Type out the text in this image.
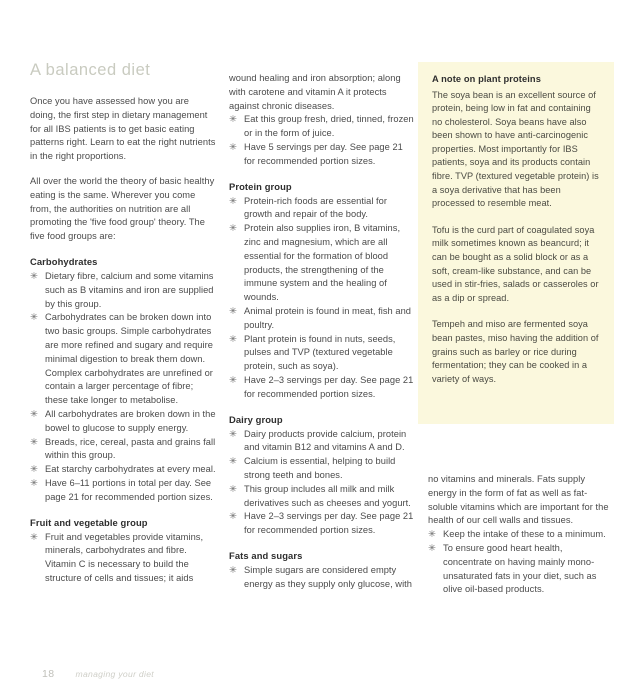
A balanced diet

Once you have assessed how you are doing, the first step in dietary management for all IBS patients is to get basic eating patterns right. Learn to eat the right nutrients in the right proportions.

All over the world the theory of basic healthy eating is the same. Wherever you come from, the authorities on nutrition are all promoting the 'five food group' theory. The five food groups are:

Carbohydrates
✳ Dietary fibre, calcium and some vitamins such as B vitamins and iron are supplied by this group.
✳ Carbohydrates can be broken down into two basic groups. Simple carbohydrates are more refined and sugary and require minimal digestion to break them down. Complex carbohydrates are unrefined or contain a larger percentage of fibre; these take longer to metabolise.
✳ All carbohydrates are broken down in the bowel to glucose to supply energy.
✳ Breads, rice, cereal, pasta and grains fall within this group.
✳ Eat starchy carbohydrates at every meal.
✳ Have 6–11 portions in total per day. See page 21 for recommended portion sizes.
Fruit and vegetable group
✳ Fruit and vegetables provide vitamins, minerals, carbohydrates and fibre. Vitamin C is necessary to build the structure of cells and tissues; it aids

wound healing and iron absorption; along with carotene and vitamin A it protects against chronic diseases.

✳ Eat this group fresh, dried, tinned, frozen or in the form of juice.
✳ Have 5 servings per day. See page 21 for recommended portion sizes.
Protein group
✳ Protein-rich foods are essential for growth and repair of the body.
✳ Protein also supplies iron, B vitamins, zinc and magnesium, which are all essential for the formation of blood products, the strengthening of the immune system and the healing of wounds.
✳ Animal protein is found in meat, fish and poultry.
✳ Plant protein is found in nuts, seeds, pulses and TVP (textured vegetable protein, such as soya).
✳ Have 2–3 servings per day. See page 21 for recommended portion sizes.
Dairy group
✳ Dairy products provide calcium, protein and vitamin B12 and vitamins A and D.
✳ Calcium is essential, helping to build strong teeth and bones.
✳ This group includes all milk and milk derivatives such as cheeses and yogurt.
✳ Have 2–3 servings per day. See page 21 for recommended portion sizes.
Fats and sugars
✳ Simple sugars are considered empty energy as they supply only glucose, with
A note on plant proteins

The soya bean is an excellent source of protein, being low in fat and containing no cholesterol. Soya beans have also been shown to have anti-carcinogenic properties. Most importantly for IBS patients, soya and its products contain fibre. TVP (textured vegetable protein) is a soya derivative that has been processed to resemble meat.

Tofu is the curd part of coagulated soya milk sometimes known as beancurd; it can be bought as a solid block or as a soft, cream-like substance, and can be used in stir-fries, salads or casseroles or as a dip or spread.

Tempeh and miso are fermented soya bean pastes, miso having the addition of grains such as barley or rice during fermentation; they can be cooked in a variety of ways.

no vitamins and minerals. Fats supply energy in the form of fat as well as fat-soluble vitamins which are important for the health of our cell walls and tissues.

✳ Keep the intake of these to a minimum.
✳ To ensure good heart health, concentrate on having mainly mono-unsaturated fats in your diet, such as olive oil-based products.
18 managing your diet
